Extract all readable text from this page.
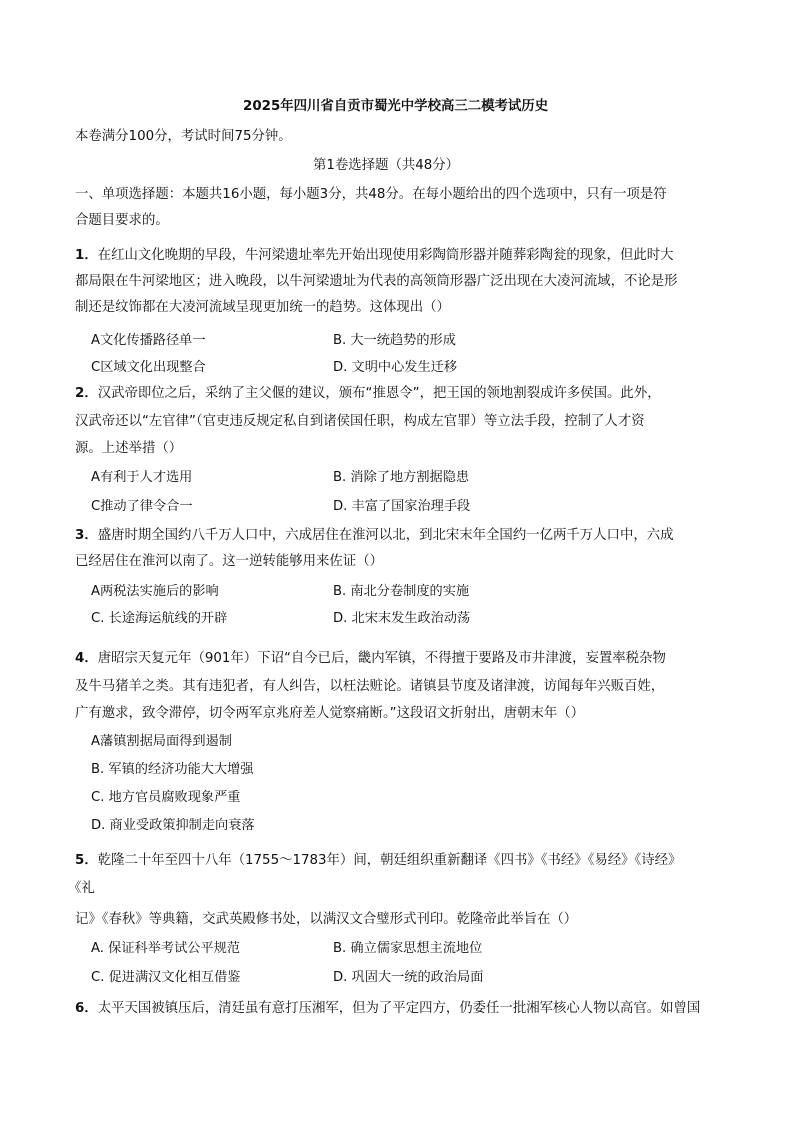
2025年四川省自贡市蜀光中学校高三二模考试历史
本卷满分100分，考试时间75分钟。
第1卷选择题（共48分）
一、单项选择题：本题共16小题，每小题3分，共48分。在每小题给出的四个选项中，只有一项是符
合题目要求的。
1．在红山文化晚期的早段，牛河梁遗址率先开始出现使用彩陶筒形器并随葬彩陶瓮的现象，但此时大
都局限在牛河梁地区；进入晚段，以牛河梁遗址为代表的高领筒形器广泛出现在大凌河流域，不论是形
制还是纹饰都在大凌河流域呈现更加统一的趋势。这体现出（）
A文化传播路径单一	B. 大一统趋势的形成
C区域文化出现整合	D. 文明中心发生迁移
2．汉武帝即位之后，采纳了主父偃的建议，颁布“推恩令”，把王国的领地割裂成许多侯国。此外，
汉武帝还以“左官律”（官吏违反规定私自到诸侯国任职，构成左官罪）等立法手段，控制了人才资
源。上述举措（）
A有利于人才选用	B. 消除了地方割据隐患
C推动了律令合一	D. 丰富了国家治理手段
3．盛唐时期全国约八千万人口中，六成居住在淮河以北，到北宋末年全国约一亿两千万人口中，六成
已经居住在淮河以南了。这一逆转能够用来佐证（）
A两税法实施后的影响	B. 南北分卷制度的实施
C. 长途海运航线的开辟	D. 北宋末发生政治动荡
4．唐昭宗天复元年（901年）下诏“自今已后，畿内军镇，不得擅于要路及市井津渡，妄置率税杂物
及牛马猪羊之类。其有违犯者，有人纠告，以枉法赃论。诸镇县节度及诸津渡，访闻每年兴贩百姓，
广有邀求，致令滞停，切令两军京兆府差人觉察痛断。”这段诏文折射出，唐朝末年（）
A藩镇割据局面得到遏制
B. 军镇的经济功能大大增强
C. 地方官员腐败现象严重
D. 商业受政策抑制走向衰落
5．乾隆二十年至四十八年（1755～1783年）间，朝廷组织重新翻译《四书》《书经》《易经》《诗经》
《礼
记》《春秋》等典籍，交武英殿修书处，以满汉文合璧形式刊印。乾隆帝此举旨在（）
A. 保证科举考试公平规范	B. 确立儒家思想主流地位
C. 促进满汉文化相互借鉴	D. 巩固大一统的政治局面
6．太平天国被镇压后，清廷虽有意打压湘军，但为了平定四方，仍委任一批湘军核心人物以高官。如曾国
